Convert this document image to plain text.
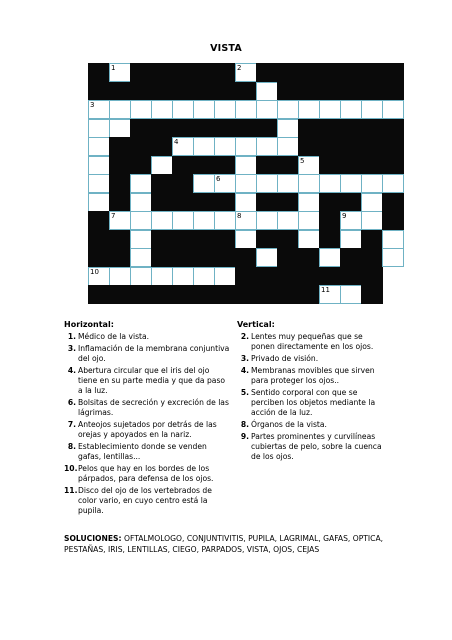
VISTA
1	2
3
4
5
6
7	8	9
10
11
Horizontal:
1. Médico de la vista.
3. Inflamación de la membrana conjuntiva del ojo.
4. Abertura circular que el iris del ojo tiene en su parte media y que da paso a la luz.
6. Bolsitas de secreción y excreción de las lágrimas.
7. Anteojos sujetados por detrás de las orejas y apoyados en la nariz.
8. Establecimiento donde se venden gafas, lentillas...
10. Pelos que hay en los bordes de los párpados, para defensa de los ojos.
11. Disco del ojo de los vertebrados de color vario, en cuyo centro está la pupila.
Vertical:
2. Lentes muy pequeñas que se ponen directamente en los ojos.
3. Privado de visión.
4. Membranas movibles que sirven para proteger los ojos..
5. Sentido corporal con que se perciben los objetos mediante la acción de la luz.
8. Órganos de la vista.
9. Partes prominentes y curvilíneas cubiertas de pelo, sobre la cuenca de los ojos.
SOLUCIONES: OFTALMOLOGO, CONJUNTIVITIS, PUPILA, LAGRIMAL, GAFAS, OPTICA, PESTAÑAS, IRIS, LENTILLAS, CIEGO, PARPADOS, VISTA, OJOS, CEJAS
